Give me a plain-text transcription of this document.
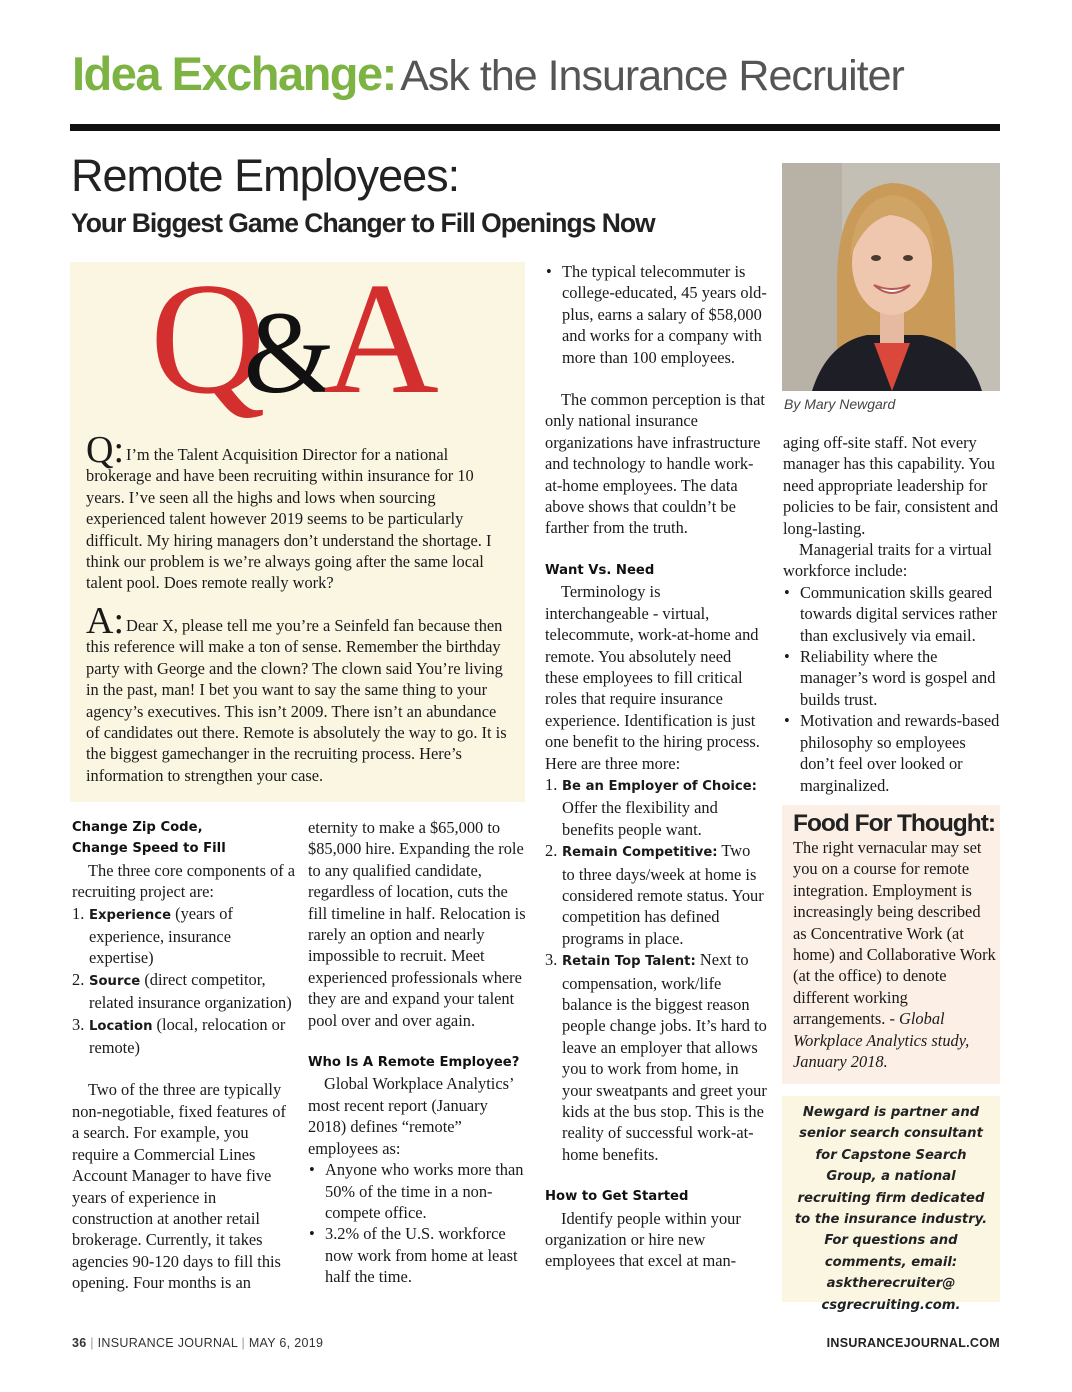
Idea Exchange: Ask the Insurance Recruiter
Remote Employees:
Your Biggest Game Changer to Fill Openings Now
Q&A

Q: I’m the Talent Acquisition Director for a national brokerage and have been recruiting within insurance for 10 years. I’ve seen all the highs and lows when sourcing experienced talent however 2019 seems to be particularly difficult. My hiring managers don’t understand the shortage. I think our problem is we’re always going after the same local talent pool. Does remote really work?

A: Dear X, please tell me you’re a Seinfeld fan because then this reference will make a ton of sense. Remember the birthday party with George and the clown? The clown said You’re living in the past, man! I bet you want to say the same thing to your agency’s executives. This isn’t 2009. There isn’t an abundance of candidates out there. Remote is absolutely the way to go. It is the biggest gamechanger in the recruiting process. Here’s information to strengthen your case.

Change Zip Code,
Change Speed to Fill

The three core components of a recruiting project are:

1. Experience (years of experience, insurance expertise)
2. Source (direct competitor, related insurance organization)
3. Location (local, relocation or remote)

Two of the three are typically non-negotiable, fixed features of a search. For example, you require a Commercial Lines Account Manager to have five years of experience in construction at another retail brokerage. Currently, it takes agencies 90-120 days to fill this opening. Four months is an

eternity to make a $65,000 to $85,000 hire. Expanding the role to any qualified candidate, regardless of location, cuts the fill timeline in half. Relocation is rarely an option and nearly impossible to recruit. Meet experienced professionals where they are and expand your talent pool over and over again.

Who Is A Remote Employee?

Global Workplace Analytics’ most recent report (January 2018) defines “remote” employees as:

• Anyone who works more than 50% of the time in a non-compete office.
• 3.2% of the U.S. workforce now work from home at least half the time.
• The typical telecommuter is college-educated, 45 years old-plus, earns a salary of $58,000 and works for a company with more than 100 employees.

The common perception is that only national insurance organizations have infrastructure and technology to handle work-at-home employees. The data above shows that couldn’t be farther from the truth.

Want Vs. Need

Terminology is interchangeable - virtual, telecommute, work-at-home and remote. You absolutely need these employees to fill critical roles that require insurance experience. Identification is just one benefit to the hiring process. Here are three more:

1. Be an Employer of Choice: Offer the flexibility and benefits people want.
2. Remain Competitive: Two to three days/week at home is considered remote status. Your competition has defined programs in place.
3. Retain Top Talent: Next to compensation, work/life balance is the biggest reason people change jobs. It’s hard to leave an employer that allows you to work from home, in your sweatpants and greet your kids at the bus stop. This is the reality of successful work-at-home benefits.
How to Get Started

Identify people within your organization or hire new employees that excel at man-

By Mary Newgard

aging off-site staff. Not every manager has this capability. You need appropriate leadership for policies to be fair, consistent and long-lasting.

Managerial traits for a virtual workforce include:

• Communication skills geared towards digital services rather than exclusively via email.
• Reliability where the manager’s word is gospel and builds trust.
• Motivation and rewards-based philosophy so employees don’t feel over looked or marginalized.
Food For Thought:
The right vernacular may set you on a course for remote integration. Employment is increasingly being described as Concentrative Work (at home) and Collaborative Work (at the office) to denote different working arrangements. - Global Workplace Analytics study, January 2018.
Newgard is partner and senior search consultant for Capstone Search Group, a national recruiting firm dedicated to the insurance industry. For questions and comments, email: asktherecruiter@ csgrecruiting.com.
36 | INSURANCE JOURNAL | MAY 6, 2019	INSURANCEJOURNAL.COM
